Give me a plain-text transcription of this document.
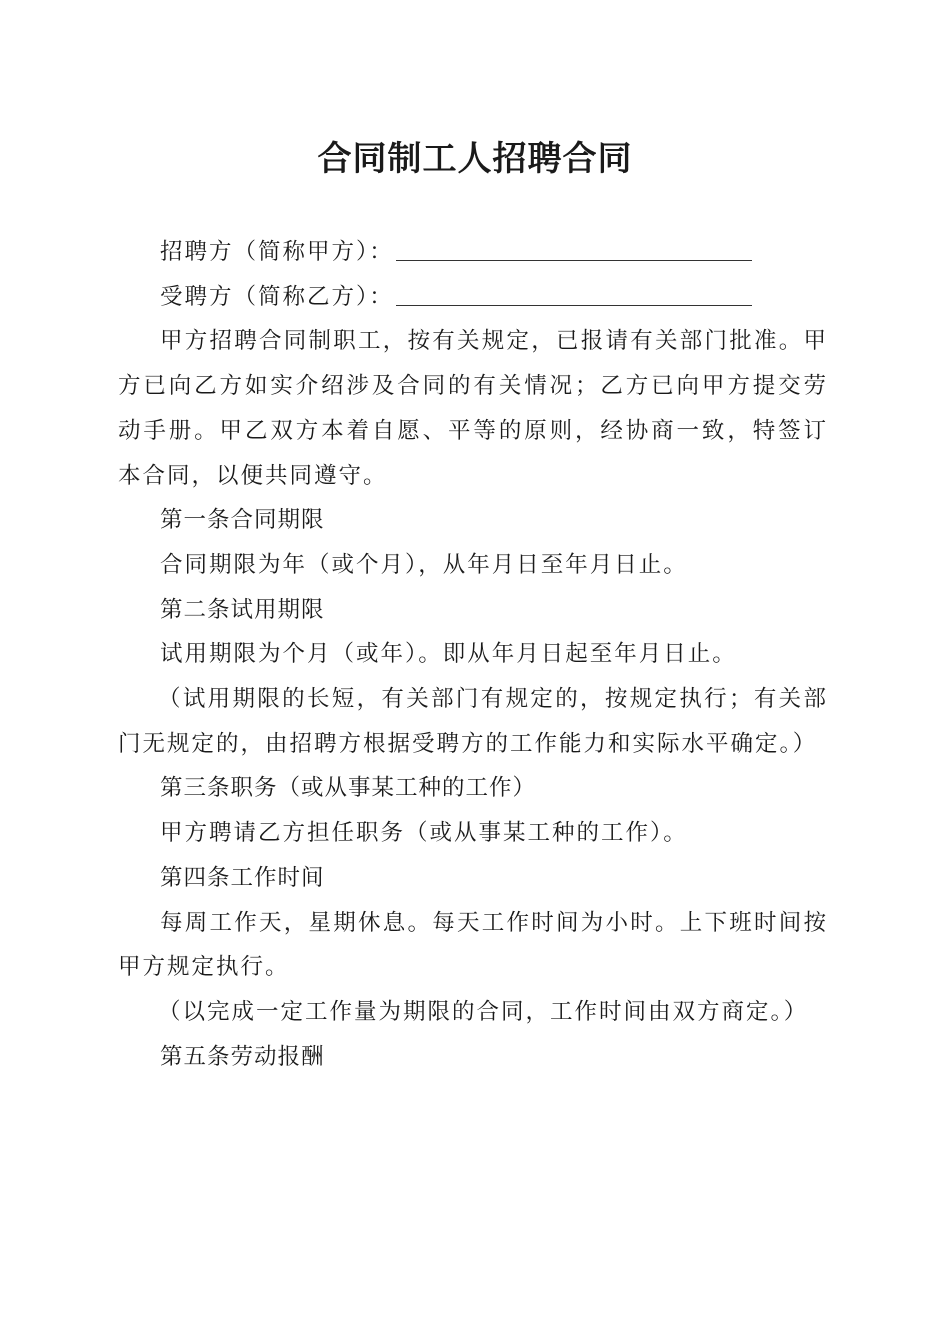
合同制工人招聘合同

招聘方（简称甲方）：

受聘方（简称乙方）：

甲方招聘合同制职工，按有关规定，已报请有关部门批准。甲方已向乙方如实介绍涉及合同的有关情况；乙方已向甲方提交劳动手册。甲乙双方本着自愿、平等的原则，经协商一致，特签订本合同，以便共同遵守。

第一条合同期限

合同期限为年（或个月），从年月日至年月日止。

第二条试用期限

试用期限为个月（或年）。即从年月日起至年月日止。

（试用期限的长短，有关部门有规定的，按规定执行；有关部门无规定的，由招聘方根据受聘方的工作能力和实际水平确定。）

第三条职务（或从事某工种的工作）

甲方聘请乙方担任职务（或从事某工种的工作）。

第四条工作时间

每周工作天，星期休息。每天工作时间为小时。上下班时间按甲方规定执行。

（以完成一定工作量为期限的合同，工作时间由双方商定。）

第五条劳动报酬
